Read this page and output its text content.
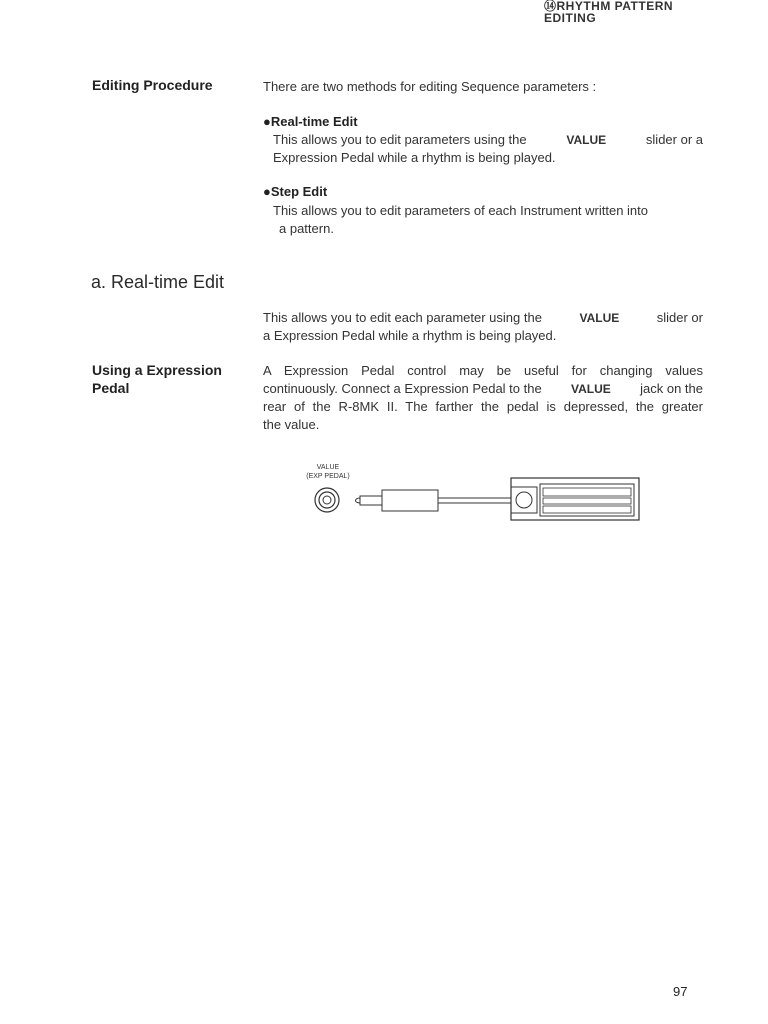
⑭RHYTHM PATTERN EDITING
Editing Procedure	There are two methods for editing Sequence parameters :
●Real-time Edit
This allows you to edit parameters using the	VALUE	slider or a
Expression Pedal while a rhythm is being played.
●Step Edit
This allows you to edit parameters of each Instrument written into
a pattern.
a. Real-time Edit
This allows you to edit each parameter using the	VALUE	slider or
a Expression Pedal while a rhythm is being played.
Using a Expression
Pedal
A Expression Pedal control may be useful for changing values
continuously. Connect a Expression Pedal to the VALUE jack on the
rear of the R-8MK II. The farther the pedal is depressed, the greater
the value.
VALUE
(EXP PEDAL)
97
